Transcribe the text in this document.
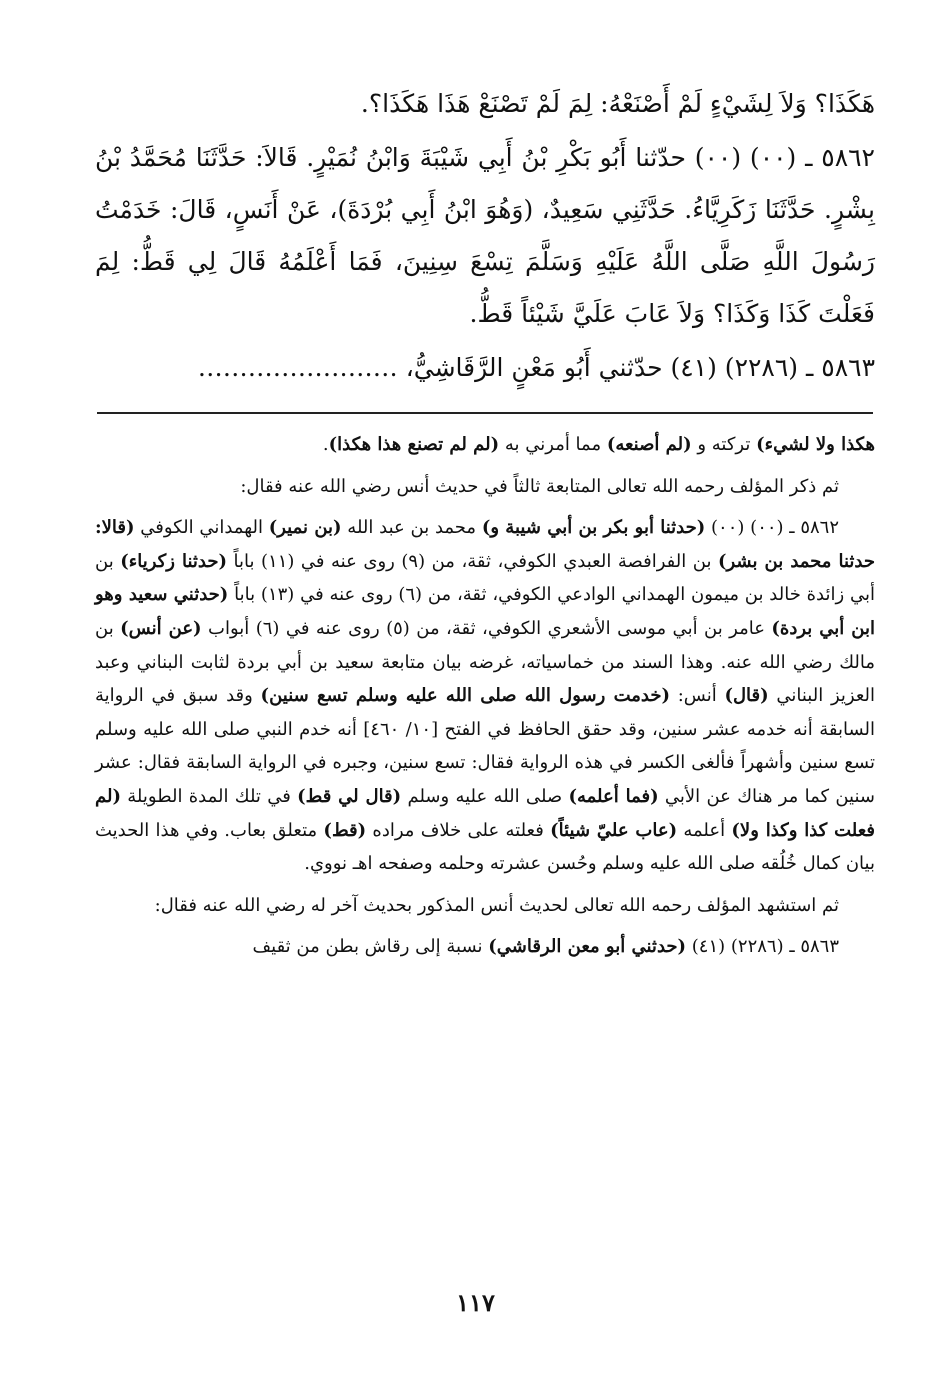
هَكَذَا؟ وَلاَ لِشَيْءٍ لَمْ أَصْنَعْهُ: لِمَ لَمْ تَصْنَعْ هَذَا هَكَذَا؟.

٥٨٦٢ ـ (٠٠) (٠٠) حدّثنا أَبُو بَكْرِ بْنُ أَبِي شَيْبَةَ وَابْنُ نُمَيْرٍ. قَالاَ: حَدَّثَنَا مُحَمَّدُ بْنُ بِشْرٍ. حَدَّثَنَا زَكَرِيَّاءُ. حَدَّثَنِي سَعِيدٌ، (وَهُوَ ابْنُ أَبِي بُرْدَةَ)، عَنْ أَنَسٍ، قَالَ: خَدَمْتُ رَسُولَ اللَّهِ صَلَّى اللَّهُ عَلَيْهِ وَسَلَّمَ تِسْعَ سِنِينَ، فَمَا أَعْلَمُهُ قَالَ لِي قَطُّ: لِمَ فَعَلْتَ كَذَا وَكَذَا؟ وَلاَ عَابَ عَلَيَّ شَيْئاً قَطُّ.

٥٨٦٣ ـ (٢٢٨٦) (٤١) حدّثني أَبُو مَعْنٍ الرَّقَاشِيُّ، ……………………

هكذا ولا لشيء) تركته و (لم أصنعه) مما أمرني به (لم لم تصنع هذا هكذا).

ثم ذكر المؤلف رحمه الله تعالى المتابعة ثالثاً في حديث أنس رضي الله عنه فقال:

٥٨٦٢ ـ (٠٠) (٠٠) (حدثنا أبو بكر بن أبي شيبة و) محمد بن عبد الله (بن نمير) الهمداني الكوفي (قالا: حدثنا محمد بن بشر) بن الفرافصة العبدي الكوفي، ثقة، من (٩) روى عنه في (١١) باباً (حدثنا زكرياء) بن أبي زائدة خالد بن ميمون الهمداني الوادعي الكوفي، ثقة، من (٦) روى عنه في (١٣) باباً (حدثني سعيد وهو ابن أبي بردة) عامر بن أبي موسى الأشعري الكوفي، ثقة، من (٥) روى عنه في (٦) أبواب (عن أنس) بن مالك رضي الله عنه. وهذا السند من خماسياته، غرضه بيان متابعة سعيد بن أبي بردة لثابت البناني وعبد العزيز البناني (قال) أنس: (خدمت رسول الله صلى الله عليه وسلم تسع سنين) وقد سبق في الرواية السابقة أنه خدمه عشر سنين، وقد حقق الحافظ في الفتح [١٠/ ٤٦٠] أنه خدم النبي صلى الله عليه وسلم تسع سنين وأشهراً فألغى الكسر في هذه الرواية فقال: تسع سنين، وجبره في الرواية السابقة فقال: عشر سنين كما مر هناك عن الأبي (فما أعلمه) صلى الله عليه وسلم (قال لي قط) في تلك المدة الطويلة (لم فعلت كذا وكذا ولا) أعلمه (عاب عليّ شيئاً) فعلته على خلاف مراده (قط) متعلق بعاب. وفي هذا الحديث بيان كمال خُلُقه صلى الله عليه وسلم وحُسن عشرته وحلمه وصفحه اهـ نووي.

ثم استشهد المؤلف رحمه الله تعالى لحديث أنس المذكور بحديث آخر له رضي الله عنه فقال:

٥٨٦٣ ـ (٢٢٨٦) (٤١) (حدثني أبو معن الرقاشي) نسبة إلى رقاش بطن من ثقيف

١١٧
